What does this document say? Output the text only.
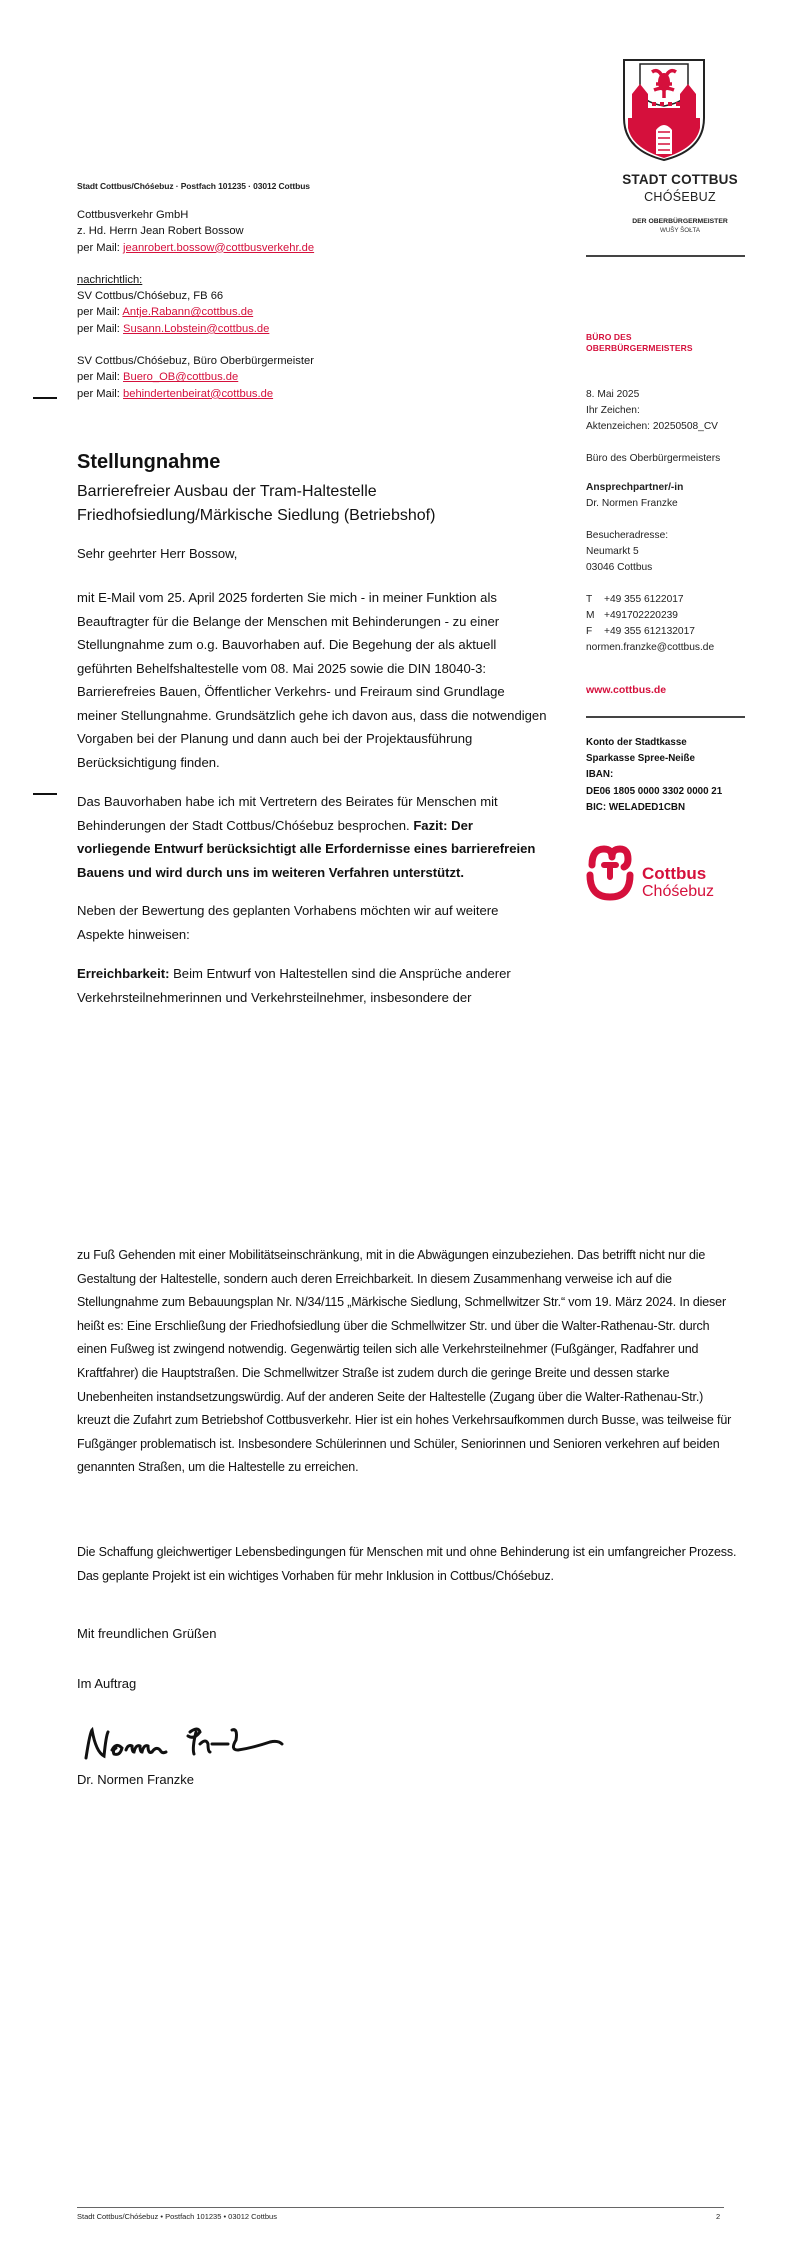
Stadt Cottbus/Chóśebuz · Postfach 101235 · 03012 Cottbus
Cottbusverkehr GmbH
z. Hd. Herrn Jean Robert Bossow
per Mail: jeanrobert.bossow@cottbusverkehr.de
nachrichtlich:
SV Cottbus/Chóśebuz, FB 66
per Mail: Antje.Rabann@cottbus.de
per Mail: Susann.Lobstein@cottbus.de
SV Cottbus/Chóśebuz, Büro Oberbürgermeister
per Mail: Buero_OB@cottbus.de
per Mail: behindertenbeirat@cottbus.de
STADT COTTBUS
CHÓŚEBUZ
DER OBERBÜRGERMEISTER
WUŠY ŠOŁTA
BÜRO DES
OBERBÜRGERMEISTERS
8. Mai 2025
Ihr Zeichen:
Aktenzeichen: 20250508_CV
Büro des Oberbürgermeisters
Ansprechpartner/-in
Dr. Normen Franzke
Besucheradresse:
Neumarkt 5
03046 Cottbus
T +49 355 6122017
M +491702220239
F +49 355 612132017
normen.franzke@cottbus.de
www.cottbus.de
Konto der Stadtkasse
Sparkasse Spree-Neiße
IBAN:
DE06 1805 0000 3302 0000 21
BIC: WELADED1CBN
Cottbus
Chóśebuz
Stellungnahme
Barrierefreier Ausbau der Tram-Haltestelle
Friedhofsiedlung/Märkische Siedlung (Betriebshof)
Sehr geehrter Herr Bossow,
mit E-Mail vom 25. April 2025 forderten Sie mich - in meiner Funktion als Beauftragter für die Belange der Menschen mit Behinderungen - zu einer Stellungnahme zum o.g. Bauvorhaben auf. Die Begehung der als aktuell geführten Behelfshaltestelle vom 08. Mai 2025 sowie die DIN 18040-3: Barrierefreies Bauen, Öffentlicher Verkehrs- und Freiraum sind Grundlage meiner Stellungnahme. Grundsätzlich gehe ich davon aus, dass die notwendigen Vorgaben bei der Planung und dann auch bei der Projektausführung Berücksichtigung finden.
Das Bauvorhaben habe ich mit Vertretern des Beirates für Menschen mit Behinderungen der Stadt Cottbus/Chóśebuz besprochen. Fazit: Der vorliegende Entwurf berücksichtigt alle Erfordernisse eines barrierefreien Bauens und wird durch uns im weiteren Verfahren unterstützt.
Neben der Bewertung des geplanten Vorhabens möchten wir auf weitere Aspekte hinweisen:
Erreichbarkeit: Beim Entwurf von Haltestellen sind die Ansprüche anderer Verkehrsteilnehmerinnen und Verkehrsteilnehmer, insbesondere der
zu Fuß Gehenden mit einer Mobilitätseinschränkung, mit in die Abwägungen einzubeziehen. Das betrifft nicht nur die Gestaltung der Haltestelle, sondern auch deren Erreichbarkeit. In diesem Zusammenhang verweise ich auf die Stellungnahme zum Bebauungsplan Nr. N/34/115 „Märkische Siedlung, Schmellwitzer Str.“ vom 19. März 2024. In dieser heißt es: Eine Erschließung der Friedhofsiedlung über die Schmellwitzer Str. und über die Walter-Rathenau-Str. durch einen Fußweg ist zwingend notwendig. Gegenwärtig teilen sich alle Verkehrsteilnehmer (Fußgänger, Radfahrer und Kraftfahrer) die Hauptstraßen. Die Schmellwitzer Straße ist zudem durch die geringe Breite und dessen starke Unebenheiten instandsetzungswürdig. Auf der anderen Seite der Haltestelle (Zugang über die Walter-Rathenau-Str.) kreuzt die Zufahrt zum Betriebshof Cottbusverkehr. Hier ist ein hohes Verkehrsaufkommen durch Busse, was teilweise für Fußgänger problematisch ist. Insbesondere Schülerinnen und Schüler, Seniorinnen und Senioren verkehren auf beiden genannten Straßen, um die Haltestelle zu erreichen.
Die Schaffung gleichwertiger Lebensbedingungen für Menschen mit und ohne Behinderung ist ein umfangreicher Prozess. Das geplante Projekt ist ein wichtiges Vorhaben für mehr Inklusion in Cottbus/Chóśebuz.
Mit freundlichen Grüßen
Im Auftrag
Dr. Normen Franzke
Stadt Cottbus/Chóśebuz • Postfach 101235 • 03012 Cottbus	2
